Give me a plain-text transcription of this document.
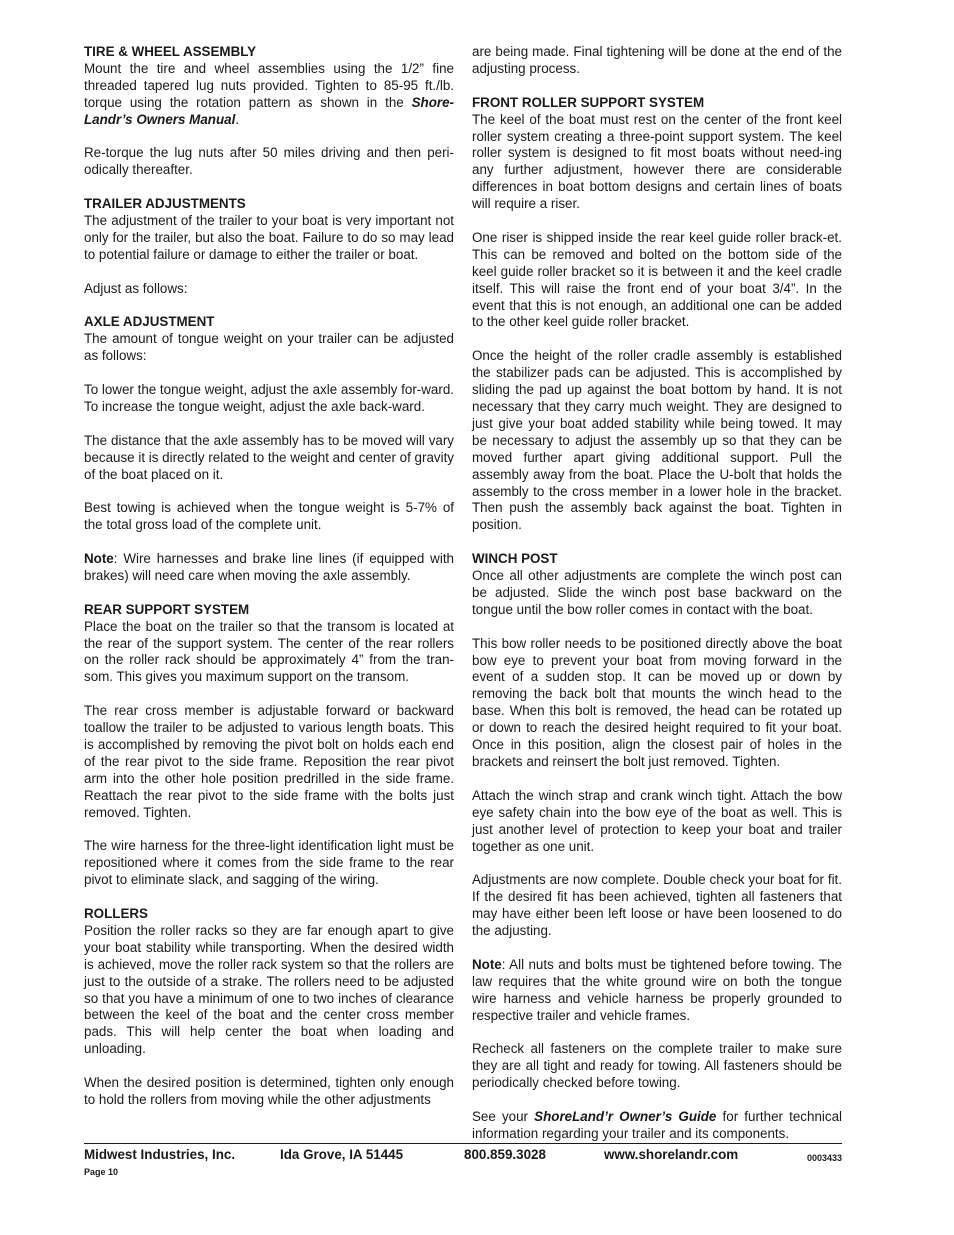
TIRE & WHEEL ASSEMBLY

Mount the tire and wheel assemblies using the 1/2” fine threaded tapered lug nuts provided. Tighten to 85-95 ft./lb. torque using the rotation pattern as shown in the Shore-Landr’s Owners Manual.

Re-torque the lug nuts after 50 miles driving and then peri-odically thereafter.

TRAILER ADJUSTMENTS

The adjustment of the trailer to your boat is very important not only for the trailer, but also the boat. Failure to do so may lead to potential failure or damage to either the trailer or boat.

Adjust as follows:

AXLE ADJUSTMENT

The amount of tongue weight on your trailer can be adjusted as follows:

To lower the tongue weight, adjust the axle assembly for-ward. To increase the tongue weight, adjust the axle back-ward.

The distance that the axle assembly has to be moved will vary because it is directly related to the weight and center of gravity of the boat placed on it.

Best towing is achieved when the tongue weight is 5-7% of the total gross load of the complete unit.

Note: Wire harnesses and brake line lines (if equipped with brakes) will need care when moving the axle assembly.

REAR SUPPORT SYSTEM

Place the boat on the trailer so that the transom is located at the rear of the support system. The center of the rear rollers on the roller rack should be approximately 4” from the tran-som. This gives you maximum support on the transom.

The rear cross member is adjustable forward or backward toallow the trailer to be adjusted to various length boats. This is accomplished by removing the pivot bolt on holds each end of the rear pivot to the side frame. Reposition the rear pivot arm into the other hole position predrilled in the side frame. Reattach the rear pivot to the side frame with the bolts just removed. Tighten.

The wire harness for the three-light identification light must be repositioned where it comes from the side frame to the rear pivot to eliminate slack, and sagging of the wiring.

ROLLERS

Position the roller racks so they are far enough apart to give your boat stability while transporting. When the desired width is achieved, move the roller rack system so that the rollers are just to the outside of a strake. The rollers need to be adjusted so that you have a minimum of one to two inches of clearance between the keel of the boat and the center cross member pads. This will help center the boat when loading and unloading.

When the desired position is determined, tighten only enough to hold the rollers from moving while the other adjustments

are being made. Final tightening will be done at the end of the adjusting process.

FRONT ROLLER SUPPORT SYSTEM

The keel of the boat must rest on the center of the front keel roller system creating a three-point support system. The keel roller system is designed to fit most boats without need-ing any further adjustment, however there are considerable differences in boat bottom designs and certain lines of boats will require a riser.

One riser is shipped inside the rear keel guide roller brack-et. This can be removed and bolted on the bottom side of the keel guide roller bracket so it is between it and the keel cradle itself. This will raise the front end of your boat 3/4”. In the event that this is not enough, an additional one can be added to the other keel guide roller bracket.

Once the height of the roller cradle assembly is established the stabilizer pads can be adjusted. This is accomplished by sliding the pad up against the boat bottom by hand. It is not necessary that they carry much weight. They are designed to just give your boat added stability while being towed. It may be necessary to adjust the assembly up so that they can be moved further apart giving additional support. Pull the assembly away from the boat. Place the U-bolt that holds the assembly to the cross member in a lower hole in the bracket. Then push the assembly back against the boat. Tighten in position.

WINCH POST

Once all other adjustments are complete the winch post can be adjusted. Slide the winch post base backward on the tongue until the bow roller comes in contact with the boat.

This bow roller needs to be positioned directly above the boat bow eye to prevent your boat from moving forward in the event of a sudden stop. It can be moved up or down by removing the back bolt that mounts the winch head to the base. When this bolt is removed, the head can be rotated up or down to reach the desired height required to fit your boat. Once in this position, align the closest pair of holes in the brackets and reinsert the bolt just removed. Tighten.

Attach the winch strap and crank winch tight. Attach the bow eye safety chain into the bow eye of the boat as well. This is just another level of protection to keep your boat and trailer together as one unit.

Adjustments are now complete. Double check your boat for fit. If the desired fit has been achieved, tighten all fasteners that may have either been left loose or have been loosened to do the adjusting.

Note: All nuts and bolts must be tightened before towing. The law requires that the white ground wire on both the tongue wire harness and vehicle harness be properly grounded to respective trailer and vehicle frames.

Recheck all fasteners on the complete trailer to make sure they are all tight and ready for towing. All fasteners should be periodically checked before towing.

See your ShoreLand’r Owner’s Guide for further technical information regarding your trailer and its components.

Midwest Industries, Inc.	Ida Grove, IA 51445	800.859.3028	www.shorelandr.com	0003433
Page 10
